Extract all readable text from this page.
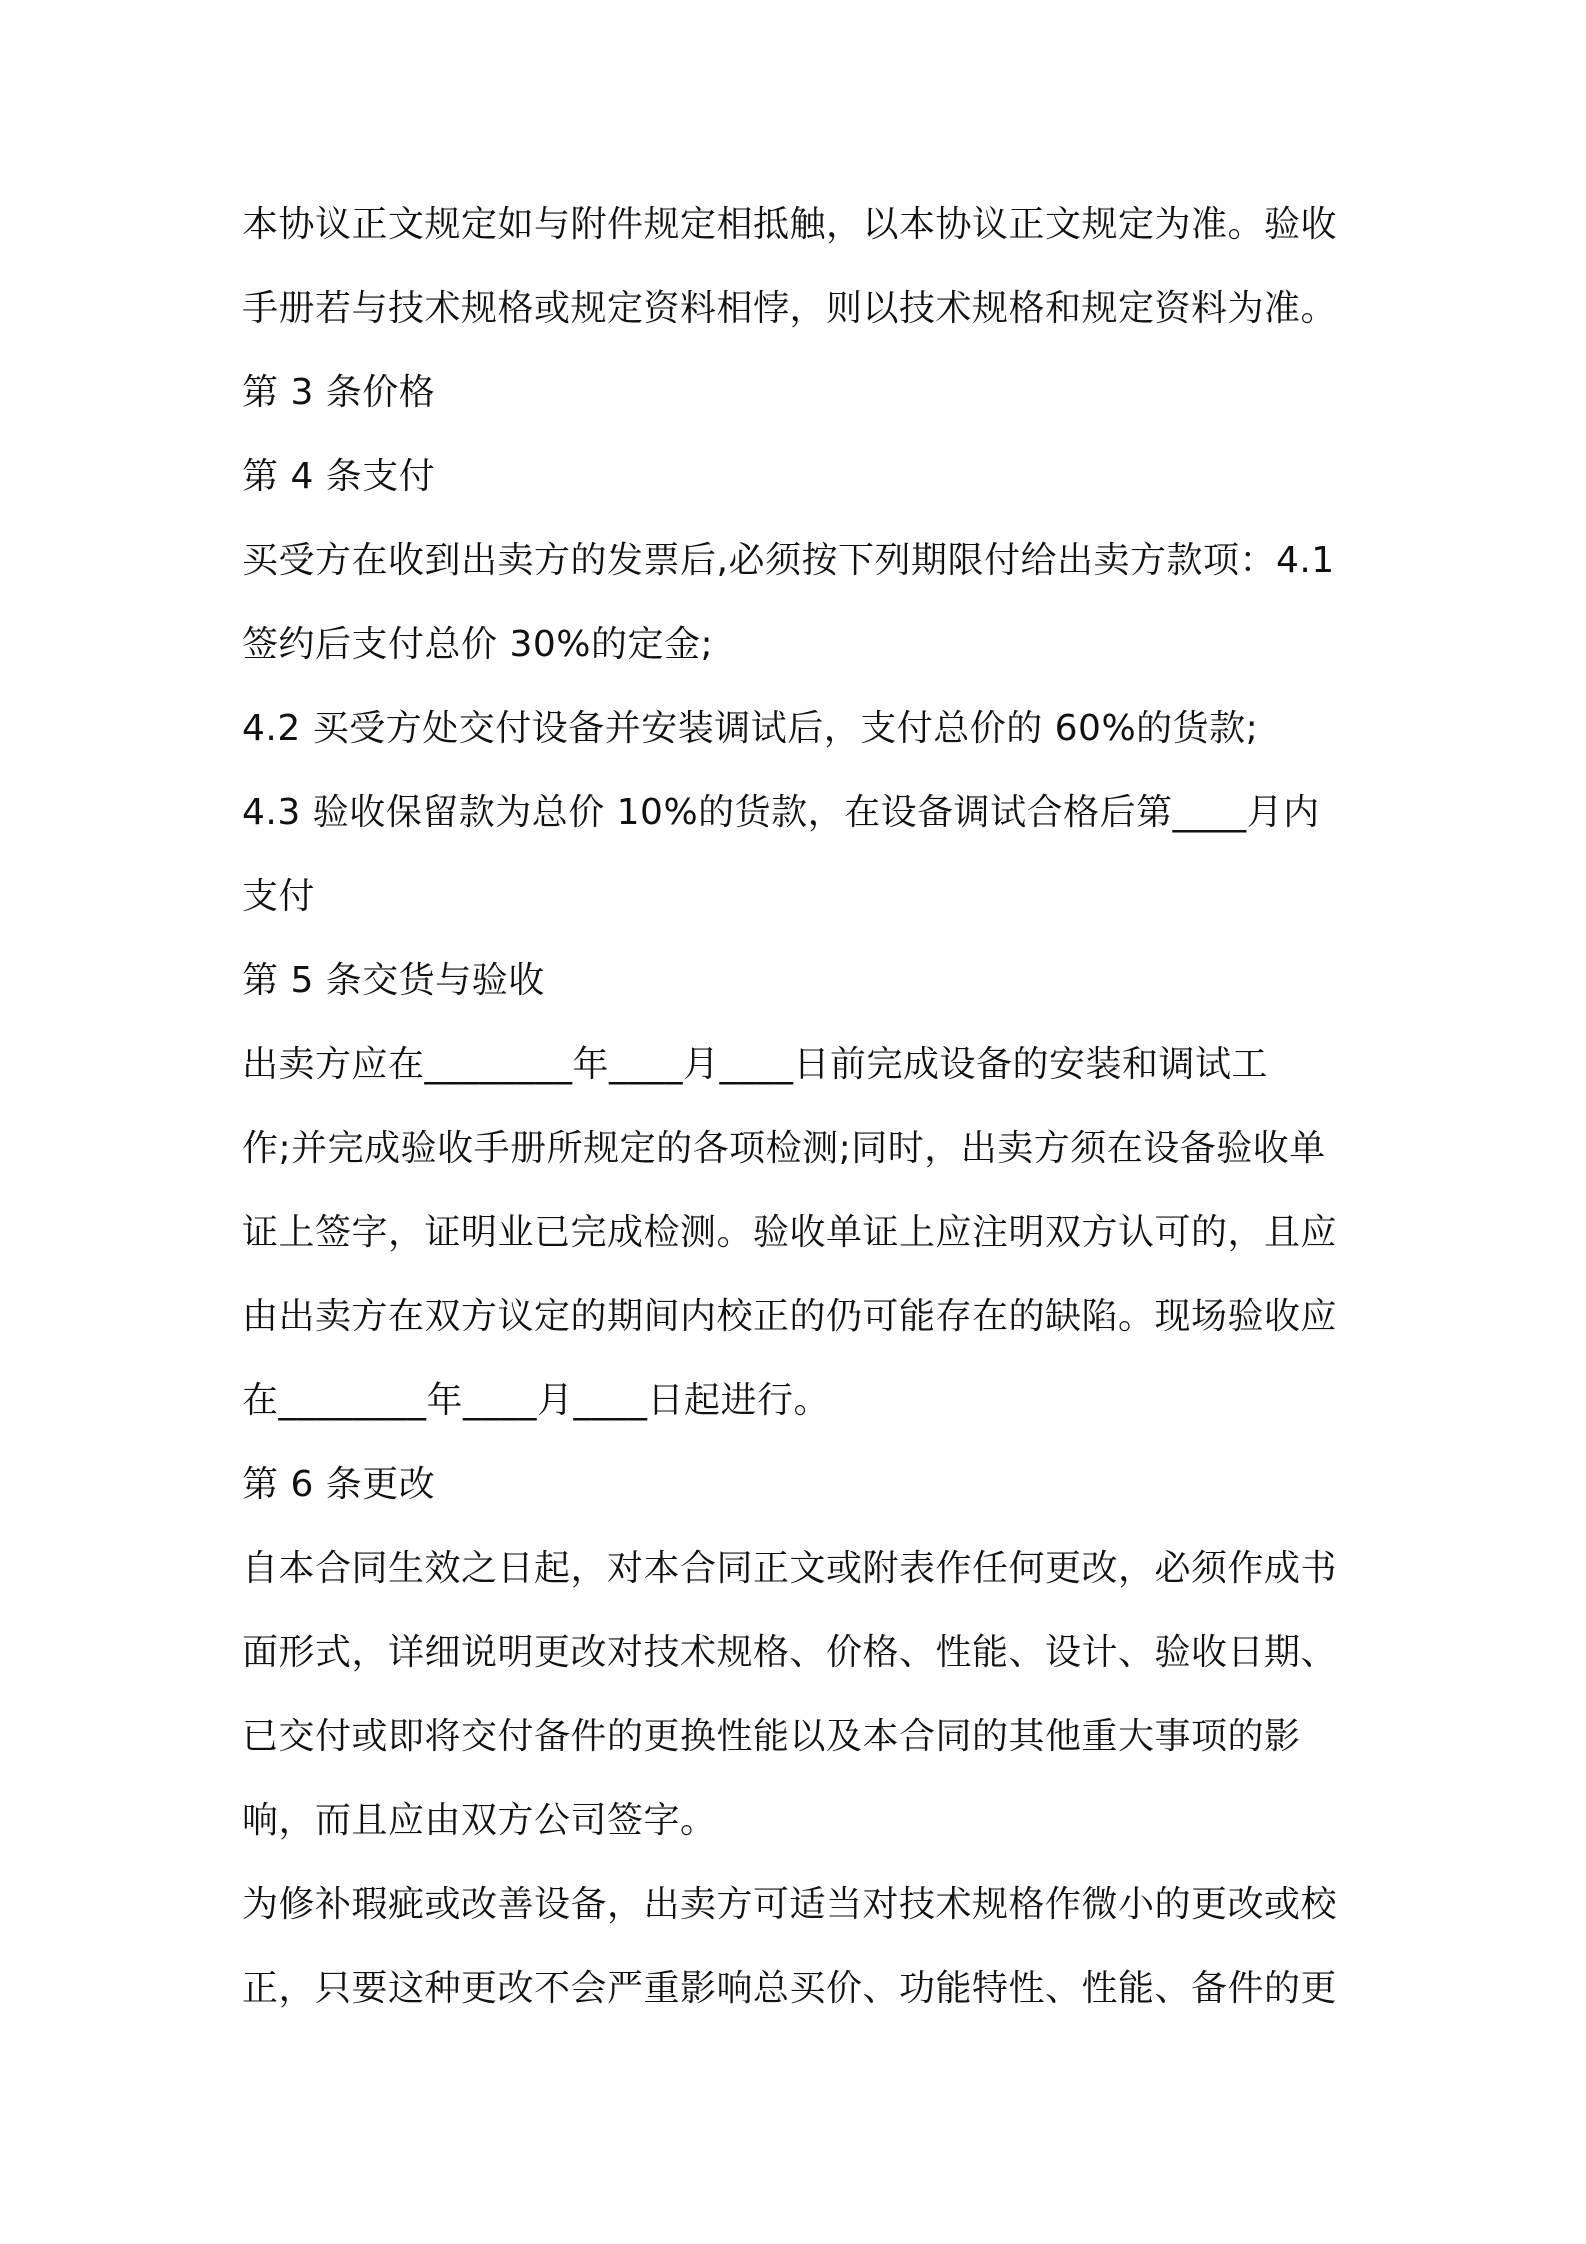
本协议正文规定如与附件规定相抵触，以本协议正文规定为准。验收
手册若与技术规格或规定资料相悖，则以技术规格和规定资料为准。
第 3 条价格
第 4 条支付
买受方在收到出卖方的发票后,必须按下列期限付给出卖方款项：4.1
签约后支付总价 30%的定金;
4.2 买受方处交付设备并安装调试后，支付总价的 60%的货款;
4.3 验收保留款为总价 10%的货款，在设备调试合格后第____月内
支付
第 5 条交货与验收
出卖方应在________年____月____日前完成设备的安装和调试工
作;并完成验收手册所规定的各项检测;同时，出卖方须在设备验收单
证上签字，证明业已完成检测。验收单证上应注明双方认可的，且应
由出卖方在双方议定的期间内校正的仍可能存在的缺陷。现场验收应
在________年____月____日起进行。
第 6 条更改
自本合同生效之日起，对本合同正文或附表作任何更改，必须作成书
面形式，详细说明更改对技术规格、价格、性能、设计、验收日期、
已交付或即将交付备件的更换性能以及本合同的其他重大事项的影
响，而且应由双方公司签字。
为修补瑕疵或改善设备，出卖方可适当对技术规格作微小的更改或校
正，只要这种更改不会严重影响总买价、功能特性、性能、备件的更
